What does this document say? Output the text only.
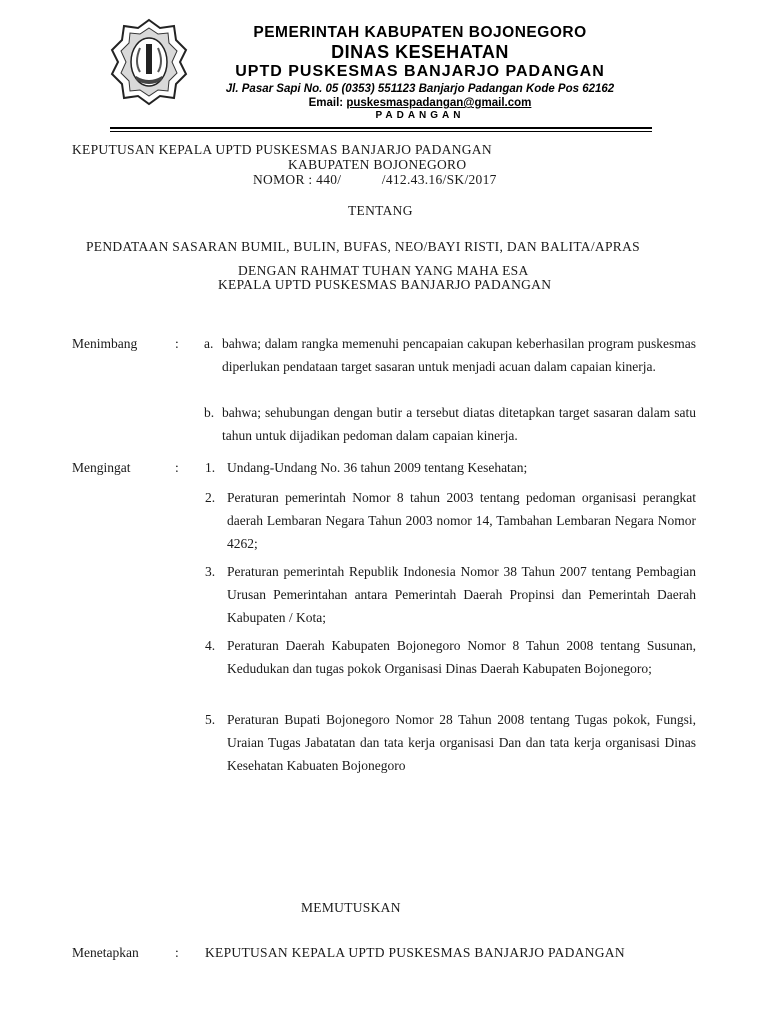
PEMERINTAH KABUPATEN BOJONEGORO
DINAS KESEHATAN
UPTD PUSKESMAS BANJARJO PADANGAN
Jl. Pasar Sapi No. 05 (0353) 551123 Banjarjo Padangan Kode Pos 62162
Email: puskesmaspadangan@gmail.com
PADANGAN
KEPUTUSAN KEPALA UPTD PUSKESMAS BANJARJO PADANGAN
KABUPATEN BOJONEGORO
NOMOR : 440/           /412.43.16/SK/2017
TENTANG
PENDATAAN SASARAN BUMIL, BULIN, BUFAS, NEO/BAYI RISTI, DAN BALITA/APRAS
DENGAN RAHMAT TUHAN YANG MAHA ESA
KEPALA UPTD PUSKESMAS BANJARJO PADANGAN
Menimbang	: a. bahwa; dalam rangka memenuhi pencapaian cakupan keberhasilan program puskesmas diperlukan pendataan target sasaran untuk menjadi acuan dalam capaian kinerja.
b. bahwa; sehubungan dengan butir a tersebut diatas ditetapkan target sasaran dalam satu tahun untuk dijadikan pedoman dalam capaian kinerja.
Mengingat	: 1. Undang-Undang No. 36 tahun 2009 tentang Kesehatan;
2. Peraturan pemerintah Nomor 8 tahun 2003 tentang pedoman organisasi perangkat daerah Lembaran Negara Tahun 2003 nomor 14, Tambahan Lembaran Negara Nomor 4262;
3. Peraturan pemerintah Republik Indonesia Nomor 38 Tahun 2007 tentang Pembagian Urusan Pemerintahan antara Pemerintah Daerah Propinsi dan Pemerintah Daerah Kabupaten / Kota;
4. Peraturan Daerah Kabupaten Bojonegoro Nomor 8 Tahun 2008 tentang Susunan, Kedudukan dan tugas pokok Organisasi Dinas Daerah Kabupaten Bojonegoro;
5. Peraturan Bupati Bojonegoro Nomor 28 Tahun 2008 tentang Tugas pokok, Fungsi, Uraian Tugas Jabatatan dan tata kerja organisasi Dan dan tata kerja organisasi Dinas Kesehatan Kabuaten Bojonegoro
MEMUTUSKAN
Menetapkan	: KEPUTUSAN KEPALA UPTD PUSKESMAS BANJARJO PADANGAN
